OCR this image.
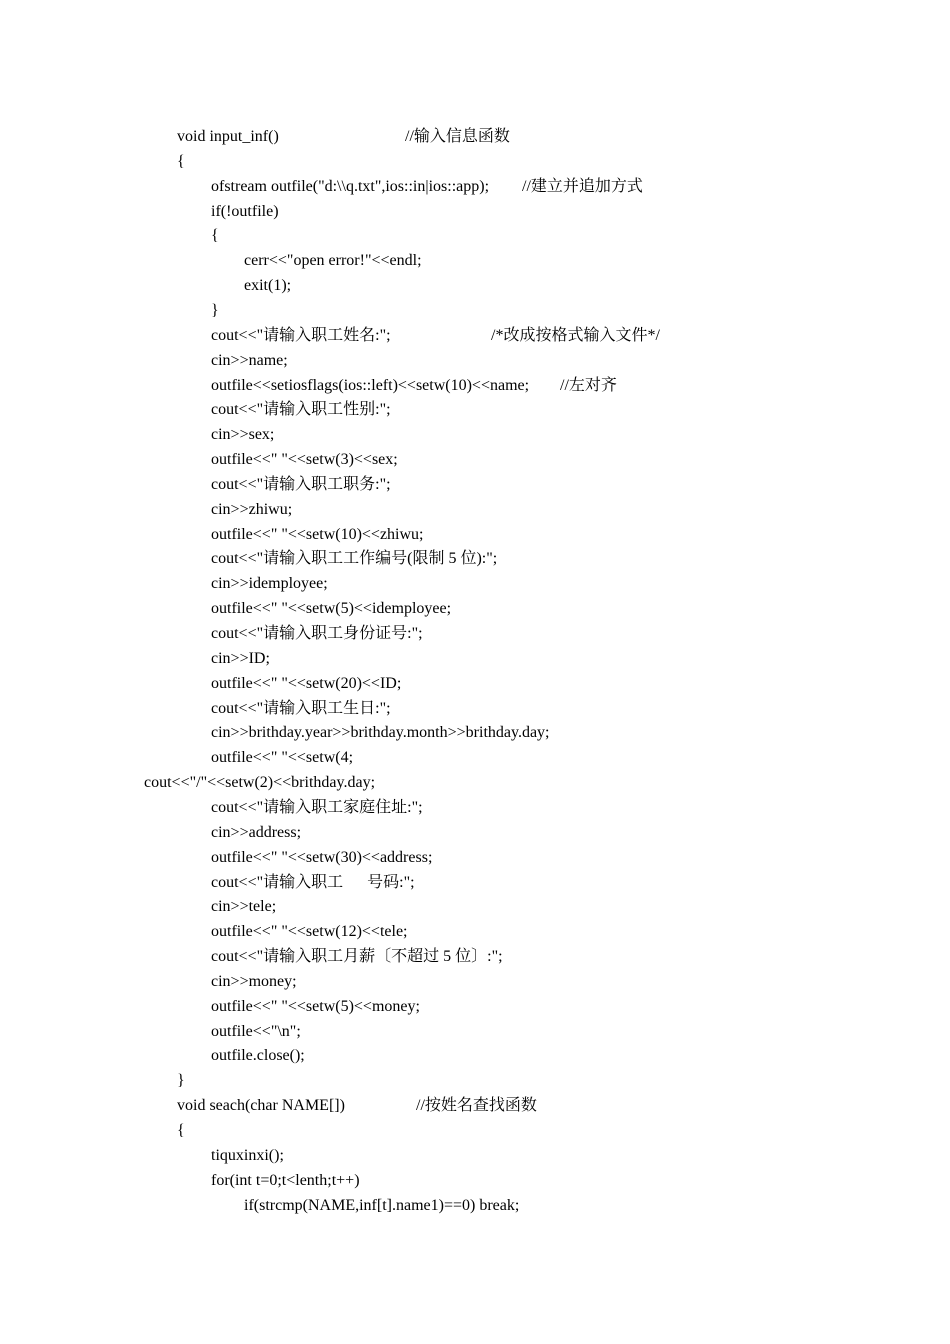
void input_inf()	//输入信息函数
{
ofstream outfile("d:\\q.txt",ios::in|ios::app); //建立并追加方式
if(!outfile)
{
cerr<<"open error!"<<endl;
exit(1);
}
cout<<"请输入职工姓名:";	/*改成按格式输入文件*/
cin>>name;
outfile<<setiosflags(ios::left)<<setw(10)<<name; //左对齐
cout<<"请输入职工性别:";
cin>>sex;
outfile<<" "<<setw(3)<<sex;
cout<<"请输入职工职务:";
cin>>zhiwu;
outfile<<" "<<setw(10)<<zhiwu;
cout<<"请输入职工工作编号(限制 5 位):";
cin>>idemployee;
outfile<<" "<<setw(5)<<idemployee;
cout<<"请输入职工身份证号:";
cin>>ID;
outfile<<" "<<setw(20)<<ID;
cout<<"请输入职工生日:";
cin>>brithday.year>>brithday.month>>brithday.day;
outfile<<" "<<setw(4;
cout<<"/"<<setw(2)<<brithday.day;
cout<<"请输入职工家庭住址:";
cin>>address;
outfile<<" "<<setw(30)<<address;
cout<<"请输入职工      号码:";
cin>>tele;
outfile<<" "<<setw(12)<<tele;
cout<<"请输入职工月薪〔不超过 5 位〕:";
cin>>money;
outfile<<" "<<setw(5)<<money;
outfile<<"\n";
outfile.close();
}
void seach(char NAME[])	//按姓名查找函数
{
tiquxinxi();
for(int t=0;t<lenth;t++)
if(strcmp(NAME,inf[t].name1)==0) break;
